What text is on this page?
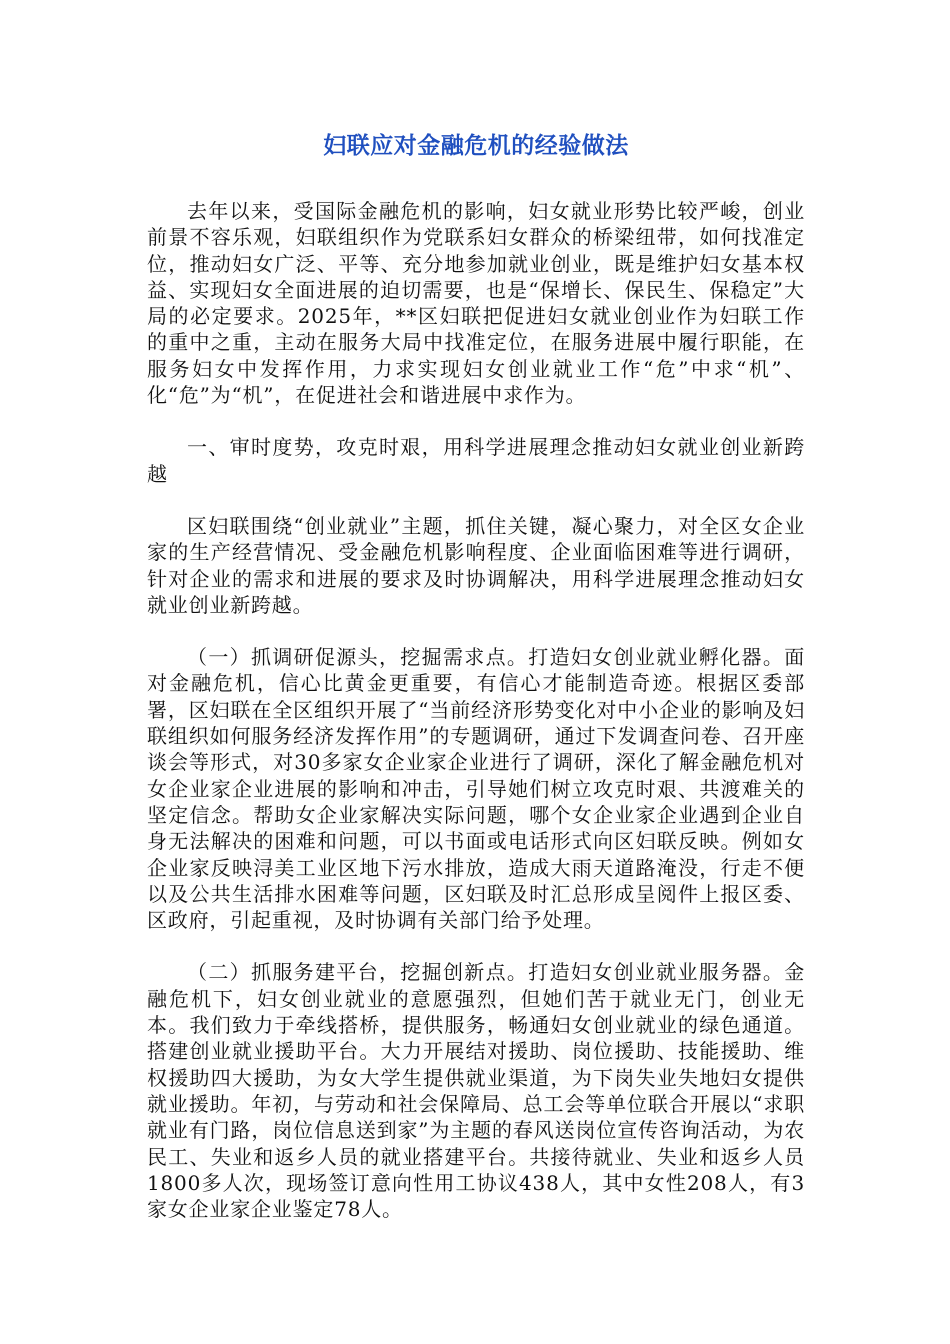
妇联应对金融危机的经验做法

去年以来，受国际金融危机的影响，妇女就业形势比较严峻，创业前景不容乐观，妇联组织作为党联系妇女群众的桥梁纽带，如何找准定位，推动妇女广泛、平等、充分地参加就业创业，既是维护妇女基本权益、实现妇女全面进展的迫切需要，也是“保增长、保民生、保稳定”大局的必定要求。2025年，**区妇联把促进妇女就业创业作为妇联工作的重中之重，主动在服务大局中找准定位，在服务进展中履行职能，在服务妇女中发挥作用，力求实现妇女创业就业工作“危”中求“机”、化“危”为“机”，在促进社会和谐进展中求作为。

一、审时度势，攻克时艰，用科学进展理念推动妇女就业创业新跨越

区妇联围绕“创业就业”主题，抓住关键，凝心聚力，对全区女企业家的生产经营情况、受金融危机影响程度、企业面临困难等进行调研，针对企业的需求和进展的要求及时协调解决，用科学进展理念推动妇女就业创业新跨越。

（一）抓调研促源头，挖掘需求点。打造妇女创业就业孵化器。面对金融危机，信心比黄金更重要，有信心才能制造奇迹。根据区委部署，区妇联在全区组织开展了“当前经济形势变化对中小企业的影响及妇联组织如何服务经济发挥作用”的专题调研，通过下发调查问卷、召开座谈会等形式，对30多家女企业家企业进行了调研，深化了解金融危机对女企业家企业进展的影响和冲击，引导她们树立攻克时艰、共渡难关的坚定信念。帮助女企业家解决实际问题，哪个女企业家企业遇到企业自身无法解决的困难和问题，可以书面或电话形式向区妇联反映。例如女企业家反映浔美工业区地下污水排放，造成大雨天道路淹没，行走不便以及公共生活排水困难等问题，区妇联及时汇总形成呈阅件上报区委、区政府，引起重视，及时协调有关部门给予处理。

（二）抓服务建平台，挖掘创新点。打造妇女创业就业服务器。金融危机下，妇女创业就业的意愿强烈，但她们苦于就业无门，创业无本。我们致力于牵线搭桥，提供服务，畅通妇女创业就业的绿色通道。搭建创业就业援助平台。大力开展结对援助、岗位援助、技能援助、维权援助四大援助，为女大学生提供就业渠道，为下岗失业失地妇女提供就业援助。年初，与劳动和社会保障局、总工会等单位联合开展以“求职就业有门路，岗位信息送到家”为主题的春风送岗位宣传咨询活动，为农民工、失业和返乡人员的就业搭建平台。共接待就业、失业和返乡人员1800多人次，现场签订意向性用工协议438人，其中女性208人，有3家女企业家企业鉴定78人。
